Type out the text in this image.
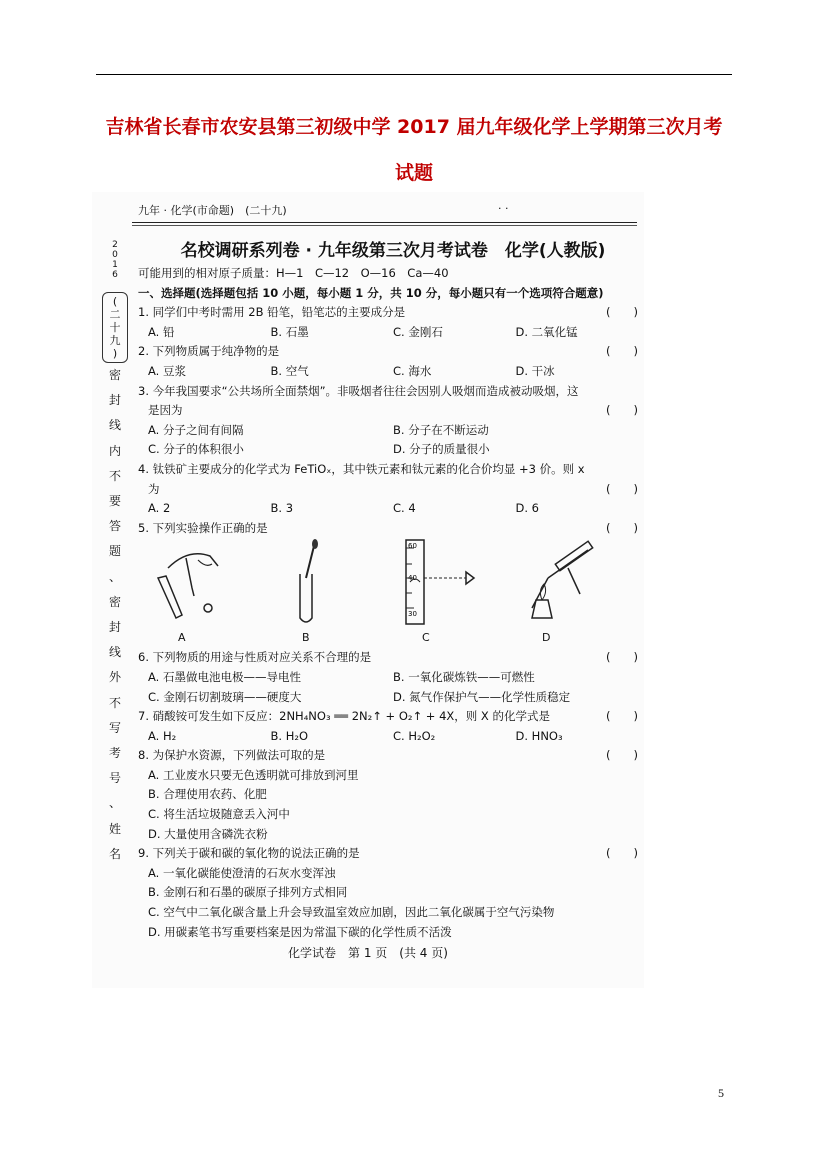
吉林省长春市农安县第三初级中学 2017 届九年级化学上学期第三次月考
试题
九年 · 化学(市命题)　(二十九)	· ·
2
0
1
6
(
二
十
九
)
密
封
线
内
不
要
答
题
、
密
封
线
外
不
写
考
号
、
姓
名
名校调研系列卷 · 九年级第三次月考试卷　化学(人教版)
可能用到的相对原子质量：H—1　C—12　O—16　Ca—40
一、选择题(选择题包括 10 小题，每小题 1 分，共 10 分，每小题只有一个选项符合题意)
1. 同学们中考时需用 2B 铅笔，铅笔芯的主要成分是	(　　)
A. 铅	B. 石墨	C. 金刚石	D. 二氧化锰
2. 下列物质属于纯净物的是	(　　)
A. 豆浆	B. 空气	C. 海水	D. 干冰
3. 今年我国要求“公共场所全面禁烟”。非吸烟者往往会因别人吸烟而造成被动吸烟，这
是因为	(　　)
A. 分子之间有间隔	B. 分子在不断运动
C. 分子的体积很小	D. 分子的质量很小
4. 钛铁矿主要成分的化学式为 FeTiOₓ，其中铁元素和钛元素的化合价均显 +3 价。则 x
为	(　　)
A. 2	B. 3	C. 4	D. 6
5. 下列实验操作正确的是	(　　)
60
40
30
A	B	C	D
6. 下列物质的用途与性质对应关系不合理的是	(　　)
A. 石墨做电池电极——导电性	B. 一氧化碳炼铁——可燃性
C. 金刚石切割玻璃——硬度大	D. 氮气作保护气——化学性质稳定
7. 硝酸铵可发生如下反应：2NH₄NO₃ ══ 2N₂↑ + O₂↑ + 4X，则 X 的化学式是	(　　)
A. H₂	B. H₂O	C. H₂O₂	D. HNO₃
8. 为保护水资源，下列做法可取的是	(　　)
A. 工业废水只要无色透明就可排放到河里
B. 合理使用农药、化肥
C. 将生活垃圾随意丢入河中
D. 大量使用含磷洗衣粉
9. 下列关于碳和碳的氧化物的说法正确的是	(　　)
A. 一氧化碳能使澄清的石灰水变浑浊
B. 金刚石和石墨的碳原子排列方式相同
C. 空气中二氧化碳含量上升会导致温室效应加剧，因此二氧化碳属于空气污染物
D. 用碳素笔书写重要档案是因为常温下碳的化学性质不活泼
化学试卷　第 1 页　(共 4 页)
5
